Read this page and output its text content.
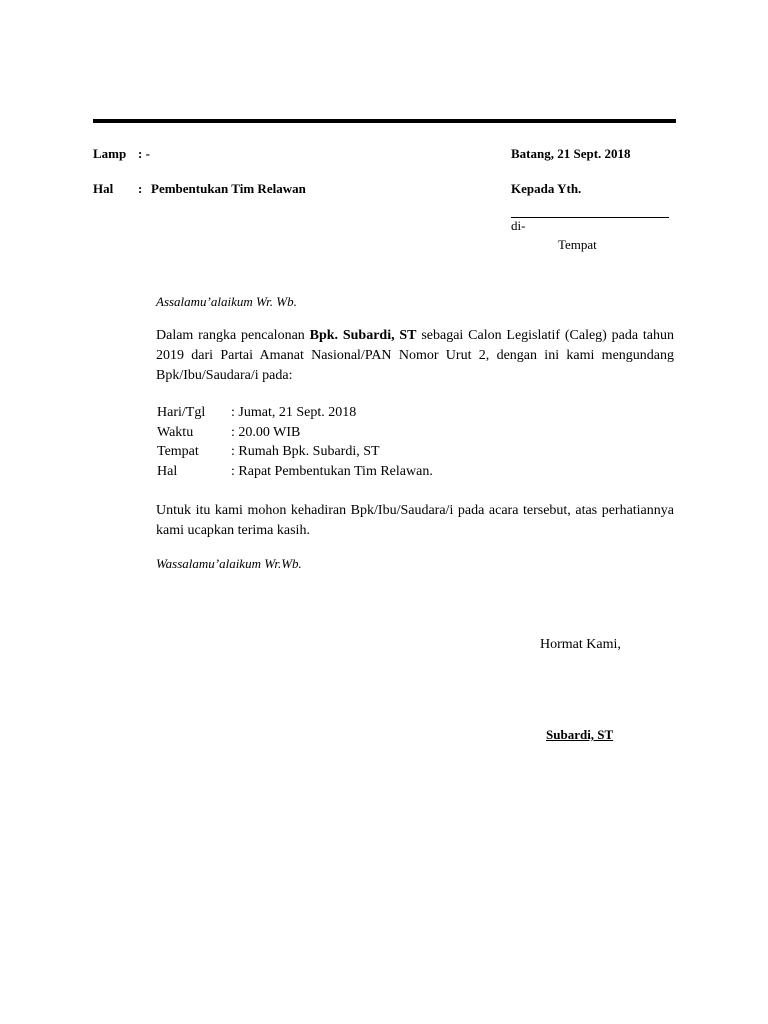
Lamp : -
Hal : Pembentukan Tim Relawan
Batang, 21 Sept. 2018
Kepada Yth.
di-
Tempat
Assalamu’alaikum Wr. Wb.
Dalam rangka pencalonan Bpk. Subardi, ST sebagai Calon Legislatif (Caleg) pada tahun 2019 dari Partai Amanat Nasional/PAN Nomor Urut 2, dengan ini kami mengundang Bpk/Ibu/Saudara/i pada:
Hari/Tgl : Jumat, 21 Sept. 2018
Waktu	: 20.00 WIB
Tempat : Rumah Bpk. Subardi, ST
Hal	: Rapat Pembentukan Tim Relawan.
Untuk itu kami mohon kehadiran Bpk/Ibu/Saudara/i pada acara tersebut, atas perhatiannya kami ucapkan terima kasih.
Wassalamu’alaikum Wr.Wb.
Hormat Kami,
Subardi, ST
